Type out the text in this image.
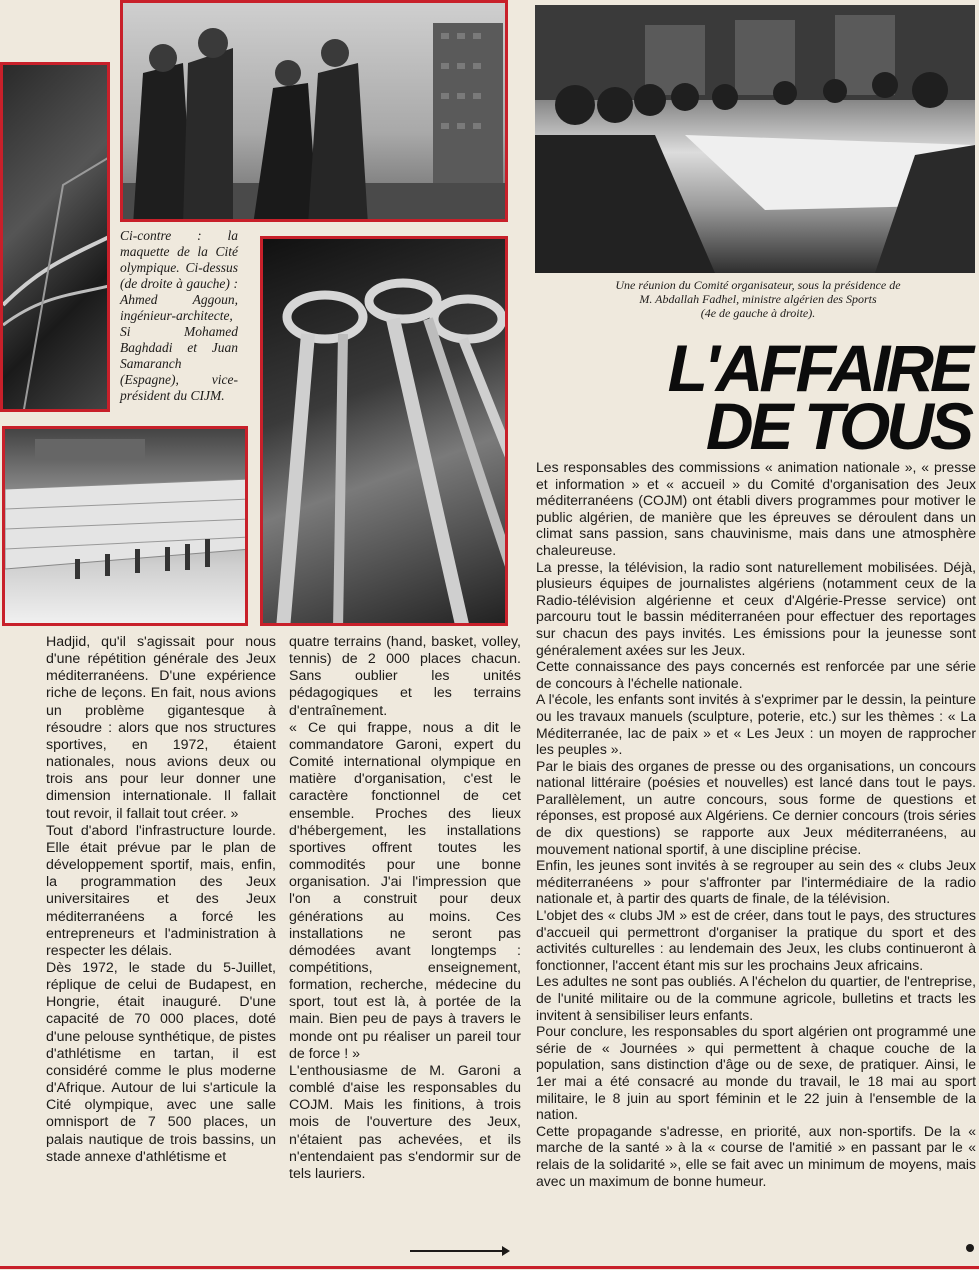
Ci-contre : la maquette de la Cité olympique. Ci-dessus (de droite à gauche) : Ahmed Aggoun, ingénieur-architecte, Si Mohamed Baghdadi et Juan Samaranch (Espagne), vice-président du CIJM.
Une réunion du Comité organisateur, sous la présidence de
M. Abdallah Fadhel, ministre algérien des Sports
(4e de gauche à droite).
L'AFFAIRE
DE TOUS

Hadjid, qu'il s'agissait pour nous d'une répétition générale des Jeux méditerranéens. D'une expérience riche de leçons. En fait, nous avions un problème gigantesque à résoudre : alors que nos structures sportives, en 1972, étaient nationales, nous avions deux ou trois ans pour leur donner une dimension internationale. Il fallait tout revoir, il fallait tout créer. »

Tout d'abord l'infrastructure lourde. Elle était prévue par le plan de développement sportif, mais, enfin, la programmation des Jeux universitaires et des Jeux méditerranéens a forcé les entrepreneurs et l'administration à respecter les délais.

Dès 1972, le stade du 5-Juillet, réplique de celui de Budapest, en Hongrie, était inauguré. D'une capacité de 70 000 places, doté d'une pelouse synthétique, de pistes d'athlétisme en tartan, il est considéré comme le plus moderne d'Afrique. Autour de lui s'articule la Cité olympique, avec une salle omnisport de 7 500 places, un palais nautique de trois bassins, un stade annexe d'athlétisme et

quatre terrains (hand, basket, volley, tennis) de 2 000 places chacun. Sans oublier les unités pédagogiques et les terrains d'entraînement.

« Ce qui frappe, nous a dit le commandatore Garoni, expert du Comité international olympique en matière d'organisation, c'est le caractère fonctionnel de cet ensemble. Proches des lieux d'hébergement, les installations sportives offrent toutes les commodités pour une bonne organisation. J'ai l'impression que l'on a construit pour deux générations au moins. Ces installations ne seront pas démodées avant longtemps : compétitions, enseignement, formation, recherche, médecine du sport, tout est là, à portée de la main. Bien peu de pays à travers le monde ont pu réaliser un pareil tour de force ! »

L'enthousiasme de M. Garoni a comblé d'aise les responsables du COJM. Mais les finitions, à trois mois de l'ouverture des Jeux, n'étaient pas achevées, et ils n'entendaient pas s'endormir sur de tels lauriers.

Les responsables des commissions « animation nationale », « presse et information » et « accueil » du Comité d'organisation des Jeux méditerranéens (COJM) ont établi divers programmes pour motiver le public algérien, de manière que les épreuves se déroulent dans un climat sans passion, sans chauvinisme, mais dans une atmosphère chaleureuse.

La presse, la télévision, la radio sont naturellement mobilisées. Déjà, plusieurs équipes de journalistes algériens (notamment ceux de la Radio-télévision algérienne et ceux d'Algérie-Presse service) ont parcouru tout le bassin méditerranéen pour effectuer des reportages sur chacun des pays invités. Les émissions pour la jeunesse sont généralement axées sur les Jeux.

Cette connaissance des pays concernés est renforcée par une série de concours à l'échelle nationale.

A l'école, les enfants sont invités à s'exprimer par le dessin, la peinture ou les travaux manuels (sculpture, poterie, etc.) sur les thèmes : « La Méditerranée, lac de paix » et « Les Jeux : un moyen de rapprocher les peuples ».

Par le biais des organes de presse ou des organisations, un concours national littéraire (poésies et nouvelles) est lancé dans tout le pays. Parallèlement, un autre concours, sous forme de questions et réponses, est proposé aux Algériens. Ce dernier concours (trois séries de dix questions) se rapporte aux Jeux méditerranéens, au mouvement national sportif, à une discipline précise.

Enfin, les jeunes sont invités à se regrouper au sein des « clubs Jeux méditerranéens » pour s'affronter par l'intermédiaire de la radio nationale et, à partir des quarts de finale, de la télévision.

L'objet des « clubs JM » est de créer, dans tout le pays, des structures d'accueil qui permettront d'organiser la pratique du sport et des activités culturelles : au lendemain des Jeux, les clubs continueront à fonctionner, l'accent étant mis sur les prochains Jeux africains.

Les adultes ne sont pas oubliés. A l'échelon du quartier, de l'entreprise, de l'unité militaire ou de la commune agricole, bulletins et tracts les invitent à sensibiliser leurs enfants.

Pour conclure, les responsables du sport algérien ont programmé une série de « Journées » qui permettent à chaque couche de la population, sans distinction d'âge ou de sexe, de pratiquer. Ainsi, le 1er mai a été consacré au monde du travail, le 18 mai au sport militaire, le 8 juin au sport féminin et le 22 juin à l'ensemble de la nation.

Cette propagande s'adresse, en priorité, aux non-sportifs. De la « marche de la santé » à la « course de l'amitié » en passant par le « relais de la solidarité », elle se fait avec un minimum de moyens, mais avec un maximum de bonne humeur.
